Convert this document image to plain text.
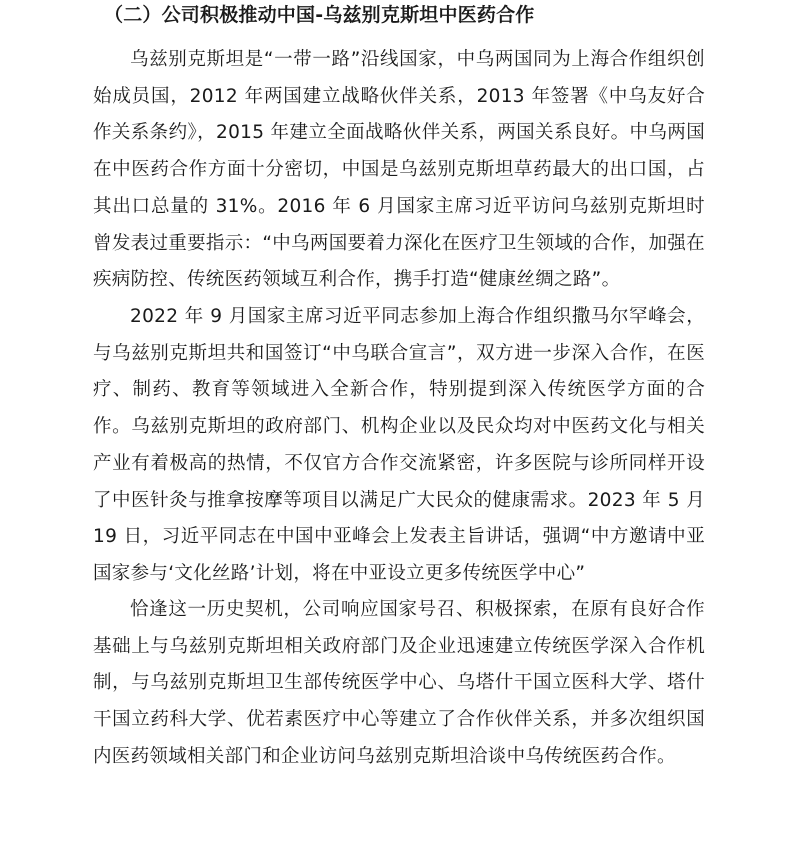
（二）公司积极推动中国-乌兹别克斯坦中医药合作

乌兹别克斯坦是“一带一路”沿线国家，中乌两国同为上海合作组织创始成员国，2012 年两国建立战略伙伴关系，2013 年签署《中乌友好合作关系条约》，2015 年建立全面战略伙伴关系，两国关系良好。中乌两国在中医药合作方面十分密切，中国是乌兹别克斯坦草药最大的出口国，占其出口总量的 31%。2016 年 6 月国家主席习近平访问乌兹别克斯坦时曾发表过重要指示：“中乌两国要着力深化在医疗卫生领域的合作，加强在疾病防控、传统医药领域互利合作，携手打造“健康丝绸之路”。

2022 年 9 月国家主席习近平同志参加上海合作组织撒马尔罕峰会，与乌兹别克斯坦共和国签订“中乌联合宣言”，双方进一步深入合作，在医疗、制药、教育等领域进入全新合作，特别提到深入传统医学方面的合作。乌兹别克斯坦的政府部门、机构企业以及民众均对中医药文化与相关产业有着极高的热情，不仅官方合作交流紧密，许多医院与诊所同样开设了中医针灸与推拿按摩等项目以满足广大民众的健康需求。2023 年 5 月 19 日，习近平同志在中国中亚峰会上发表主旨讲话，强调“中方邀请中亚国家参与‘文化丝路’计划，将在中亚设立更多传统医学中心”

恰逢这一历史契机，公司响应国家号召、积极探索，在原有良好合作基础上与乌兹别克斯坦相关政府部门及企业迅速建立传统医学深入合作机制，与乌兹别克斯坦卫生部传统医学中心、乌塔什干国立医科大学、塔什干国立药科大学、优若素医疗中心等建立了合作伙伴关系，并多次组织国内医药领域相关部门和企业访问乌兹别克斯坦洽谈中乌传统医药合作。
